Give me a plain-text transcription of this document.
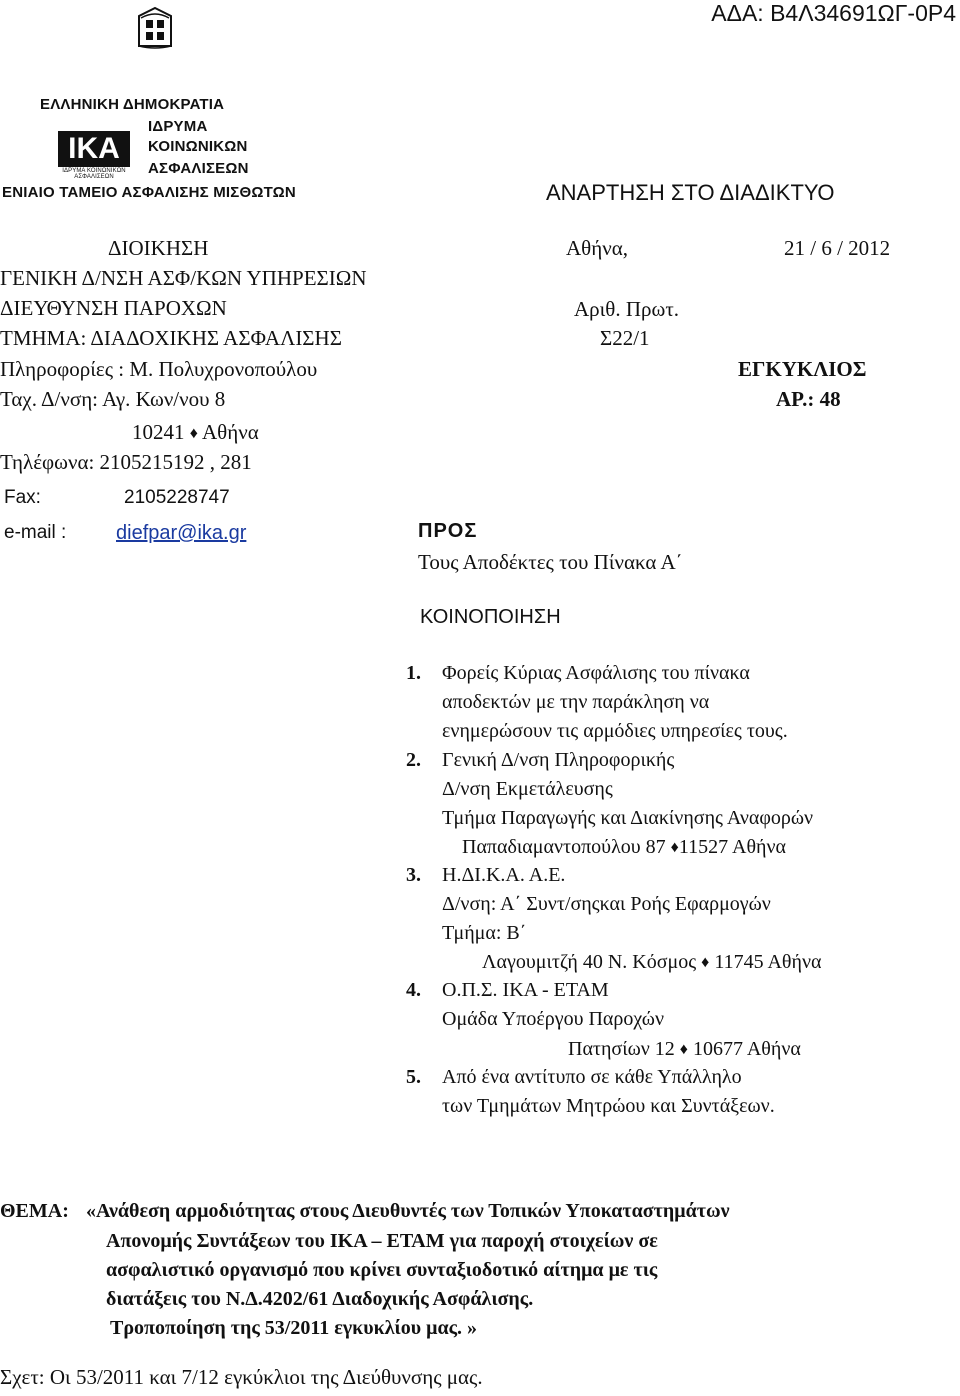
ΑΔΑ: Β4Λ34691ΩΓ-0Ρ4
ΕΛΛΗΝΙΚΗ ΔΗΜΟΚΡΑΤΙΑ
ΙΔΡΥΜΑ
ΚΟΙΝΩΝΙΚΩΝ
ΑΣΦΑΛΙΣΕΩΝ
ΙΚΑ
ΙΔΡΥΜΑ ΚΟΙΝΩΝΙΚΩΝ ΑΣΦΑΛΙΣΕΩΝ
ΕΝΙΑΙΟ ΤΑΜΕΙΟ ΑΣΦΑΛΙΣΗΣ ΜΙΣΘΩΤΩΝ	ΑΝΑΡΤΗΣΗ ΣΤΟ ΔΙΑΔΙΚΤΥΟ
ΔΙΟΙΚΗΣΗ
ΓΕΝΙΚΗ Δ/ΝΣΗ ΑΣΦ/ΚΩΝ ΥΠΗΡΕΣΙΩΝ
ΔΙΕΥΘΥΝΣΗ ΠΑΡΟΧΩΝ
ΤΜΗΜΑ: ΔΙΑΔΟΧΙΚΗΣ ΑΣΦΑΛΙΣΗΣ
Πληροφορίες : Μ. Πολυχρονοπούλου
Ταχ. Δ/νση: Αγ. Κων/νου 8
10241 ♦ Αθήνα
Τηλέφωνα: 2105215192 , 281
Fax:	2105228747
e-mail : diefpar@ika.gr
Αθήνα,	21 / 6 / 2012
Αριθ. Πρωτ.
Σ22/1
ΕΓΚΥΚΛΙΟΣ
ΑΡ.: 48
ΠΡΟΣ
Τους Αποδέκτες του Πίνακα Α΄
ΚΟΙΝΟΠΟΙΗΣΗ
1. Φορείς Κύριας Ασφάλισης του πίνακα
αποδεκτών με την παράκληση να
ενημερώσουν τις αρμόδιες υπηρεσίες τους.
2. Γενική Δ/νση Πληροφορικής
Δ/νση Εκμετάλευσης
Τμήμα Παραγωγής και Διακίνησης Αναφορών
Παπαδιαμαντοπούλου 87 ♦11527 Αθήνα
3. Η.ΔΙ.Κ.Α. Α.Ε.
Δ/νση: Α΄ Συντ/σηςκαι Ροής Εφαρμογών
Τμήμα: Β΄
Λαγουμιτζή 40 Ν. Κόσμος ♦ 11745 Αθήνα
4. Ο.Π.Σ. ΙΚΑ - ΕΤΑΜ
Ομάδα Υποέργου Παροχών
Πατησίων 12 ♦ 10677 Αθήνα
5. Από ένα αντίτυπο σε κάθε Υπάλληλο
των Τμημάτων Μητρώου και Συντάξεων.
ΘΕΜΑ: «Ανάθεση αρμοδιότητας στους Διευθυντές των Τοπικών Υποκαταστημάτων
Απονομής Συντάξεων του ΙΚΑ – ΕΤΑΜ για παροχή στοιχείων σε
ασφαλιστικό οργανισμό που κρίνει συνταξιοδοτικό αίτημα με τις
διατάξεις του Ν.Δ.4202/61 Διαδοχικής Ασφάλισης.
Τροποποίηση της 53/2011 εγκυκλίου μας. »
Σχετ: Οι 53/2011 και 7/12 εγκύκλιοι της Διεύθυνσης μας.
